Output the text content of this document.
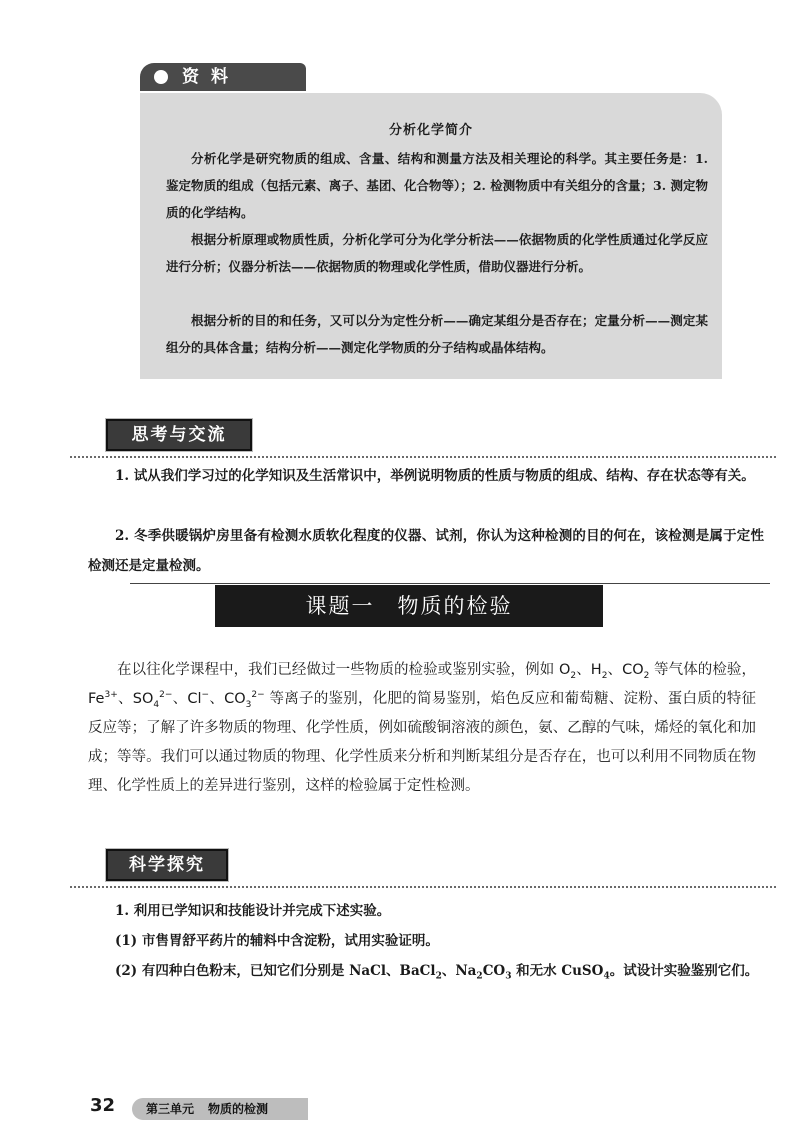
资料
分析化学简介

分析化学是研究物质的组成、含量、结构和测量方法及相关理论的科学。其主要任务是：1. 鉴定物质的组成（包括元素、离子、基团、化合物等）；2. 检测物质中有关组分的含量；3. 测定物质的化学结构。

根据分析原理或物质性质，分析化学可分为化学分析法——依据物质的化学性质通过化学反应进行分析；仪器分析法——依据物质的物理或化学性质，借助仪器进行分析。

根据分析的目的和任务，又可以分为定性分析——确定某组分是否存在；定量分析——测定某组分的具体含量；结构分析——测定化学物质的分子结构或晶体结构。

思考与交流

1. 试从我们学习过的化学知识及生活常识中，举例说明物质的性质与物质的组成、结构、存在状态等有关。

2. 冬季供暖锅炉房里备有检测水质软化程度的仪器、试剂，你认为这种检测的目的何在，该检测是属于定性检测还是定量检测。

课题一　物质的检验

在以往化学课程中，我们已经做过一些物质的检验或鉴别实验，例如 $O_2$、$H_2$、$CO_2$ 等气体的检验，$Fe^{3+}$、$SO_4^{2-}$、Cl−、$CO_3^{2-}$ 等离子的鉴别，化肥的简易鉴别，焰色反应和葡萄糖、淀粉、蛋白质的特征反应等；了解了许多物质的物理、化学性质，例如硫酸铜溶液的颜色，氨、乙醇的气味，烯烃的氧化和加成；等等。我们可以通过物质的物理、化学性质来分析和判断某组分是否存在，也可以利用不同物质在物理、化学性质上的差异进行鉴别，这样的检验属于定性检测。

科学探究

1. 利用已学知识和技能设计并完成下述实验。

(1) 市售胃舒平药片的辅料中含淀粉，试用实验证明。

(2) 有四种白色粉末，已知它们分别是 NaCl、BaCl$_2$、$Na_2CO_3$ 和无水 CuSO$_4$。试设计实验鉴别它们。

32	第三单元 物质的检测
